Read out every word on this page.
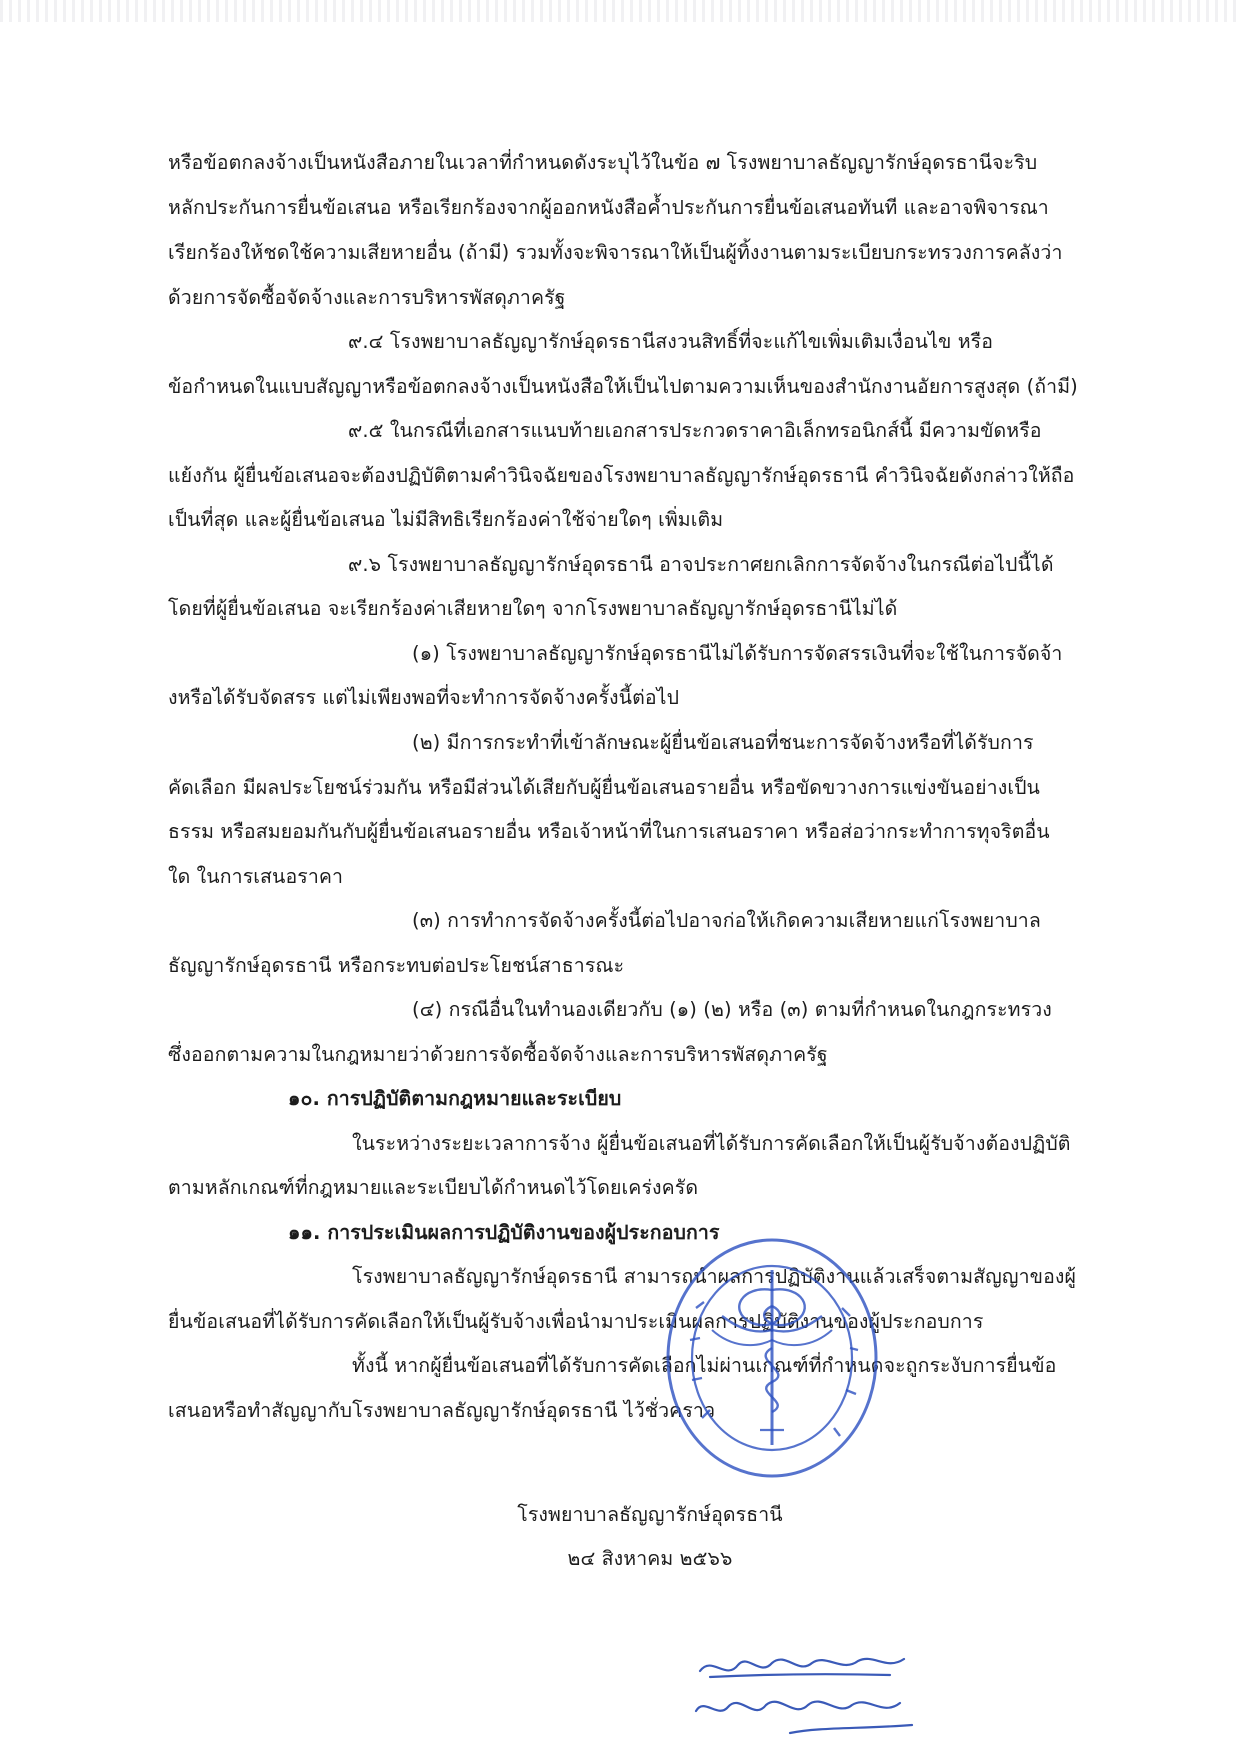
หรือข้อตกลงจ้างเป็นหนังสือภายในเวลาที่กำหนดดังระบุไว้ในข้อ ๗ โรงพยาบาลธัญญารักษ์อุดรธานีจะริบ
หลักประกันการยื่นข้อเสนอ หรือเรียกร้องจากผู้ออกหนังสือค้ำประกันการยื่นข้อเสนอทันที และอาจพิจารณา
เรียกร้องให้ชดใช้ความเสียหายอื่น (ถ้ามี) รวมทั้งจะพิจารณาให้เป็นผู้ทิ้งงานตามระเบียบกระทรวงการคลังว่า
ด้วยการจัดซื้อจัดจ้างและการบริหารพัสดุภาครัฐ
๙.๔ โรงพยาบาลธัญญารักษ์อุดรธานีสงวนสิทธิ์ที่จะแก้ไขเพิ่มเติมเงื่อนไข หรือ
ข้อกำหนดในแบบสัญญาหรือข้อตกลงจ้างเป็นหนังสือให้เป็นไปตามความเห็นของสำนักงานอัยการสูงสุด (ถ้ามี)
๙.๕ ในกรณีที่เอกสารแนบท้ายเอกสารประกวดราคาอิเล็กทรอนิกส์นี้ มีความขัดหรือ
แย้งกัน ผู้ยื่นข้อเสนอจะต้องปฏิบัติตามคำวินิจฉัยของโรงพยาบาลธัญญารักษ์อุดรธานี คำวินิจฉัยดังกล่าวให้ถือ
เป็นที่สุด และผู้ยื่นข้อเสนอ ไม่มีสิทธิเรียกร้องค่าใช้จ่ายใดๆ เพิ่มเติม
๙.๖ โรงพยาบาลธัญญารักษ์อุดรธานี อาจประกาศยกเลิกการจัดจ้างในกรณีต่อไปนี้ได้
โดยที่ผู้ยื่นข้อเสนอ จะเรียกร้องค่าเสียหายใดๆ จากโรงพยาบาลธัญญารักษ์อุดรธานีไม่ได้
(๑) โรงพยาบาลธัญญารักษ์อุดรธานีไม่ได้รับการจัดสรรเงินที่จะใช้ในการจัดจ้า
งหรือได้รับจัดสรร แต่ไม่เพียงพอที่จะทำการจัดจ้างครั้งนี้ต่อไป
(๒) มีการกระทำที่เข้าลักษณะผู้ยื่นข้อเสนอที่ชนะการจัดจ้างหรือที่ได้รับการ
คัดเลือก มีผลประโยชน์ร่วมกัน หรือมีส่วนได้เสียกับผู้ยื่นข้อเสนอรายอื่น หรือขัดขวางการแข่งขันอย่างเป็น
ธรรม หรือสมยอมกันกับผู้ยื่นข้อเสนอรายอื่น หรือเจ้าหน้าที่ในการเสนอราคา หรือส่อว่ากระทำการทุจริตอื่น
ใด ในการเสนอราคา
(๓) การทำการจัดจ้างครั้งนี้ต่อไปอาจก่อให้เกิดความเสียหายแก่โรงพยาบาล
ธัญญารักษ์อุดรธานี หรือกระทบต่อประโยชน์สาธารณะ
(๔) กรณีอื่นในทำนองเดียวกับ (๑) (๒) หรือ (๓) ตามที่กำหนดในกฎกระทรวง
ซึ่งออกตามความในกฎหมายว่าด้วยการจัดซื้อจัดจ้างและการบริหารพัสดุภาครัฐ
๑๐. การปฏิบัติตามกฎหมายและระเบียบ
ในระหว่างระยะเวลาการจ้าง ผู้ยื่นข้อเสนอที่ได้รับการคัดเลือกให้เป็นผู้รับจ้างต้องปฏิบัติ
ตามหลักเกณฑ์ที่กฎหมายและระเบียบได้กำหนดไว้โดยเคร่งครัด
๑๑. การประเมินผลการปฏิบัติงานของผู้ประกอบการ
โรงพยาบาลธัญญารักษ์อุดรธานี สามารถนำผลการปฏิบัติงานแล้วเสร็จตามสัญญาของผู้
ยื่นข้อเสนอที่ได้รับการคัดเลือกให้เป็นผู้รับจ้างเพื่อนำมาประเมินผลการปฏิบัติงานของผู้ประกอบการ
ทั้งนี้ หากผู้ยื่นข้อเสนอที่ได้รับการคัดเลือกไม่ผ่านเกณฑ์ที่กำหนดจะถูกระงับการยื่นข้อ
เสนอหรือทำสัญญากับโรงพยาบาลธัญญารักษ์อุดรธานี ไว้ชั่วคราว
โรงพยาบาลธัญญารักษ์อุดรธานี
๒๔ สิงหาคม ๒๕๖๖
